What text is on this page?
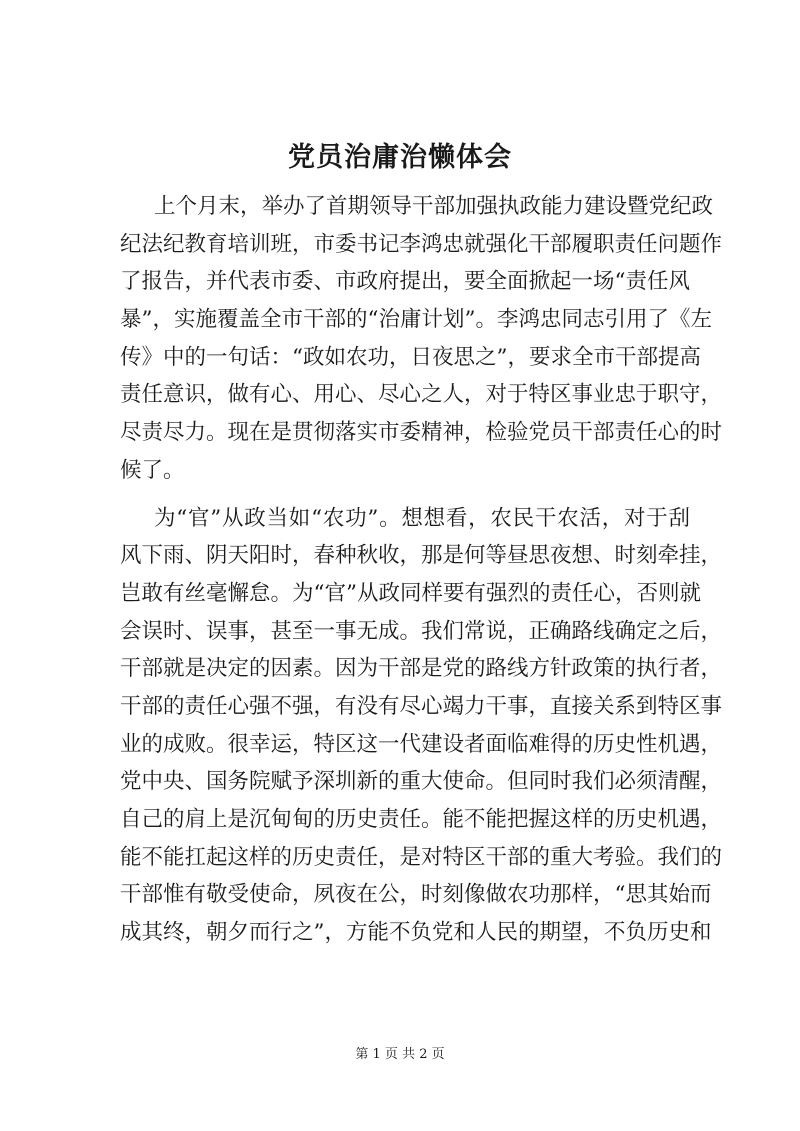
党员治庸治懒体会
上个月末，举办了首期领导干部加强执政能力建设暨党纪政
纪法纪教育培训班，市委书记李鸿忠就强化干部履职责任问题作
了报告，并代表市委、市政府提出，要全面掀起一场“责任风
暴”，实施覆盖全市干部的“治庸计划”。李鸿忠同志引用了《左
传》中的一句话：“政如农功，日夜思之”，要求全市干部提高
责任意识，做有心、用心、尽心之人，对于特区事业忠于职守，
尽责尽力。现在是贯彻落实市委精神，检验党员干部责任心的时
候了。
为“官”从政当如“农功”。想想看，农民干农活，对于刮
风下雨、阴天阳时，春种秋收，那是何等昼思夜想、时刻牵挂，
岂敢有丝毫懈怠。为“官”从政同样要有强烈的责任心，否则就
会误时、误事，甚至一事无成。我们常说，正确路线确定之后，
干部就是决定的因素。因为干部是党的路线方针政策的执行者，
干部的责任心强不强，有没有尽心竭力干事，直接关系到特区事
业的成败。很幸运，特区这一代建设者面临难得的历史性机遇，
党中央、国务院赋予深圳新的重大使命。但同时我们必须清醒，
自己的肩上是沉甸甸的历史责任。能不能把握这样的历史机遇，
能不能扛起这样的历史责任，是对特区干部的重大考验。我们的
干部惟有敬受使命，夙夜在公，时刻像做农功那样，“思其始而
成其终，朝夕而行之”，方能不负党和人民的期望，不负历史和
第 1 页 共 2 页
